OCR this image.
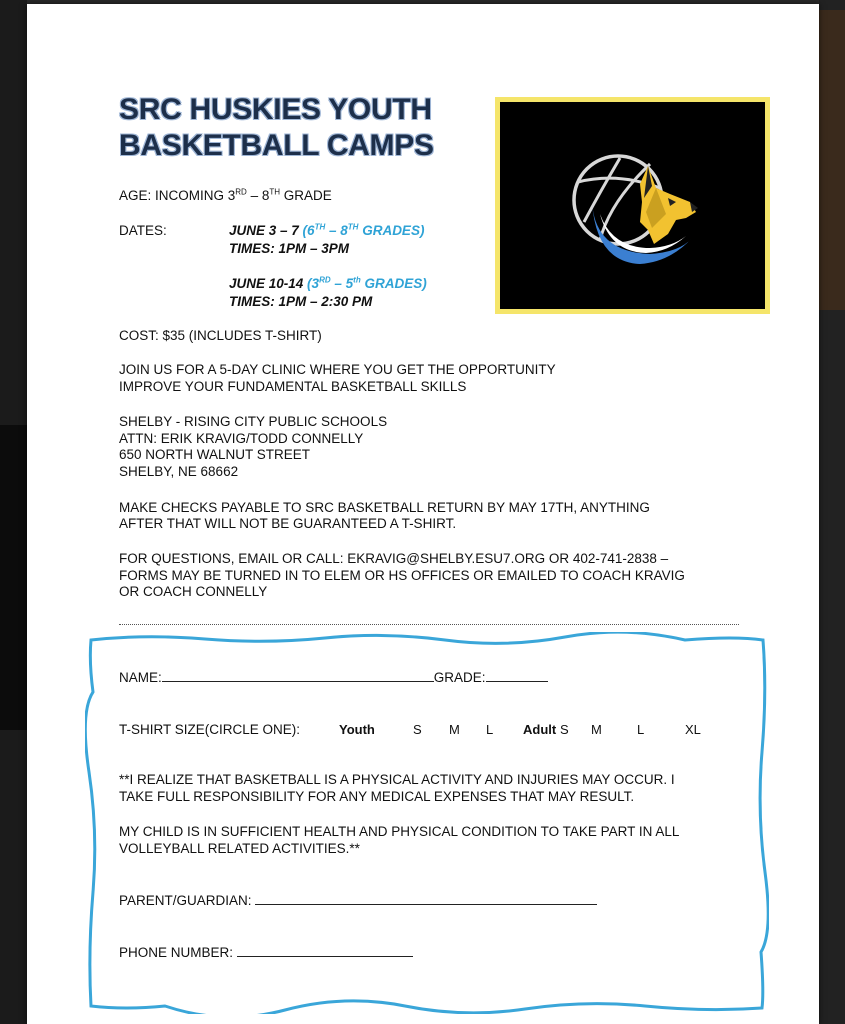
SRC HUSKIES YOUTH
BASKETBALL CAMPS
AGE: INCOMING 3RD – 8TH GRADE
DATES:	JUNE 3 – 7 (6TH – 8TH GRADES)
TIMES: 1PM – 3PM
JUNE 10-14 (3RD – 5th GRADES)
TIMES: 1PM – 2:30 PM
COST: $35 (INCLUDES T-SHIRT)
JOIN US FOR A 5-DAY CLINIC WHERE YOU GET THE OPPORTUNITY
IMPROVE YOUR FUNDAMENTAL BASKETBALL SKILLS
SHELBY - RISING CITY PUBLIC SCHOOLS
ATTN: ERIK KRAVIG/TODD CONNELLY
650 NORTH WALNUT STREET
SHELBY, NE 68662
MAKE CHECKS PAYABLE TO SRC BASKETBALL RETURN BY MAY 17TH, ANYTHING
AFTER THAT WILL NOT BE GUARANTEED A T-SHIRT.
FOR QUESTIONS, EMAIL OR CALL: EKRAVIG@SHELBY.ESU7.ORG OR 402-741-2838 –
FORMS MAY BE TURNED IN TO ELEM OR HS OFFICES OR EMAILED TO COACH KRAVIG
OR COACH CONNELLY
NAME:	GRADE:
T-SHIRT SIZE(CIRCLE ONE):	Youth	S M L Adult S M	L	XL
**I REALIZE THAT BASKETBALL IS A PHYSICAL ACTIVITY AND INJURIES MAY OCCUR. I
TAKE FULL RESPONSIBILITY FOR ANY MEDICAL EXPENSES THAT MAY RESULT.
MY CHILD IS IN SUFFICIENT HEALTH AND PHYSICAL CONDITION TO TAKE PART IN ALL
VOLLEYBALL RELATED ACTIVITIES.**
PARENT/GUARDIAN:
PHONE NUMBER:
